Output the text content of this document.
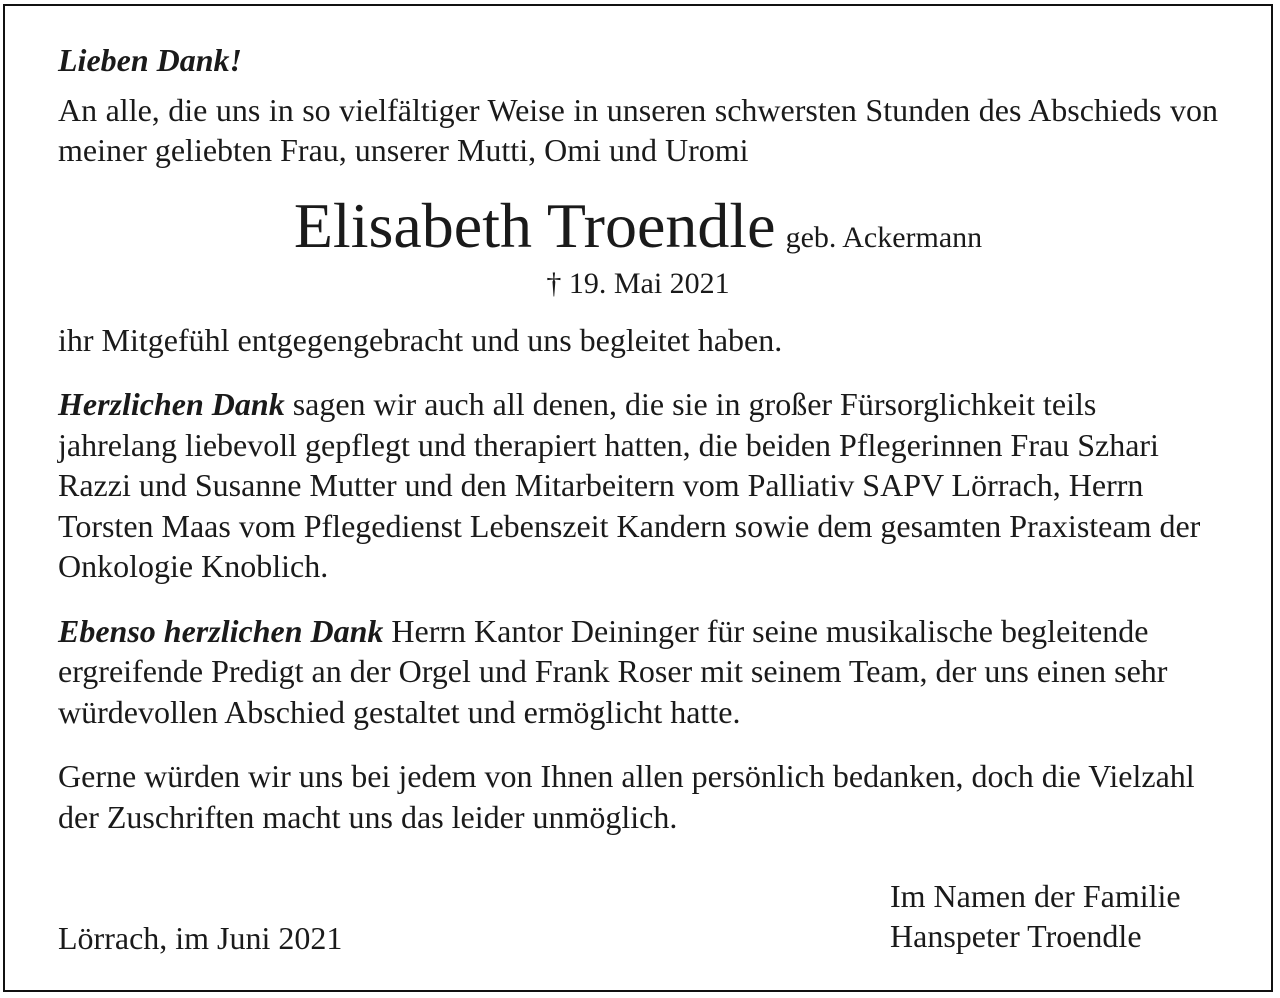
Lieben Dank!

An alle, die uns in so vielfältiger Weise in unseren schwersten Stunden des Abschieds von meiner geliebten Frau, unserer Mutti, Omi und Uromi

Elisabeth Troendle geb. Ackermann

† 19. Mai 2021

ihr Mitgefühl entgegengebracht und uns begleitet haben.

Herzlichen Dank sagen wir auch all denen, die sie in großer Fürsorglichkeit teils jahrelang liebevoll gepflegt und therapiert hatten, die beiden Pflegerinnen Frau Szhari Razzi und Susanne Mutter und den Mitarbeitern vom Palliativ SAPV Lörrach, Herrn Torsten Maas vom Pflegedienst Lebenszeit Kandern sowie dem gesamten Praxisteam der Onkologie Knoblich.

Ebenso herzlichen Dank Herrn Kantor Deininger für seine musikalische begleitende ergreifende Predigt an der Orgel und Frank Roser mit seinem Team, der uns einen sehr würdevollen Abschied gestaltet und ermöglicht hatte.

Gerne würden wir uns bei jedem von Ihnen allen persönlich bedanken, doch die Vielzahl der Zuschriften macht uns das leider unmöglich.

Lörrach, im Juni 2021
Im Namen der Familie
Hanspeter Troendle
